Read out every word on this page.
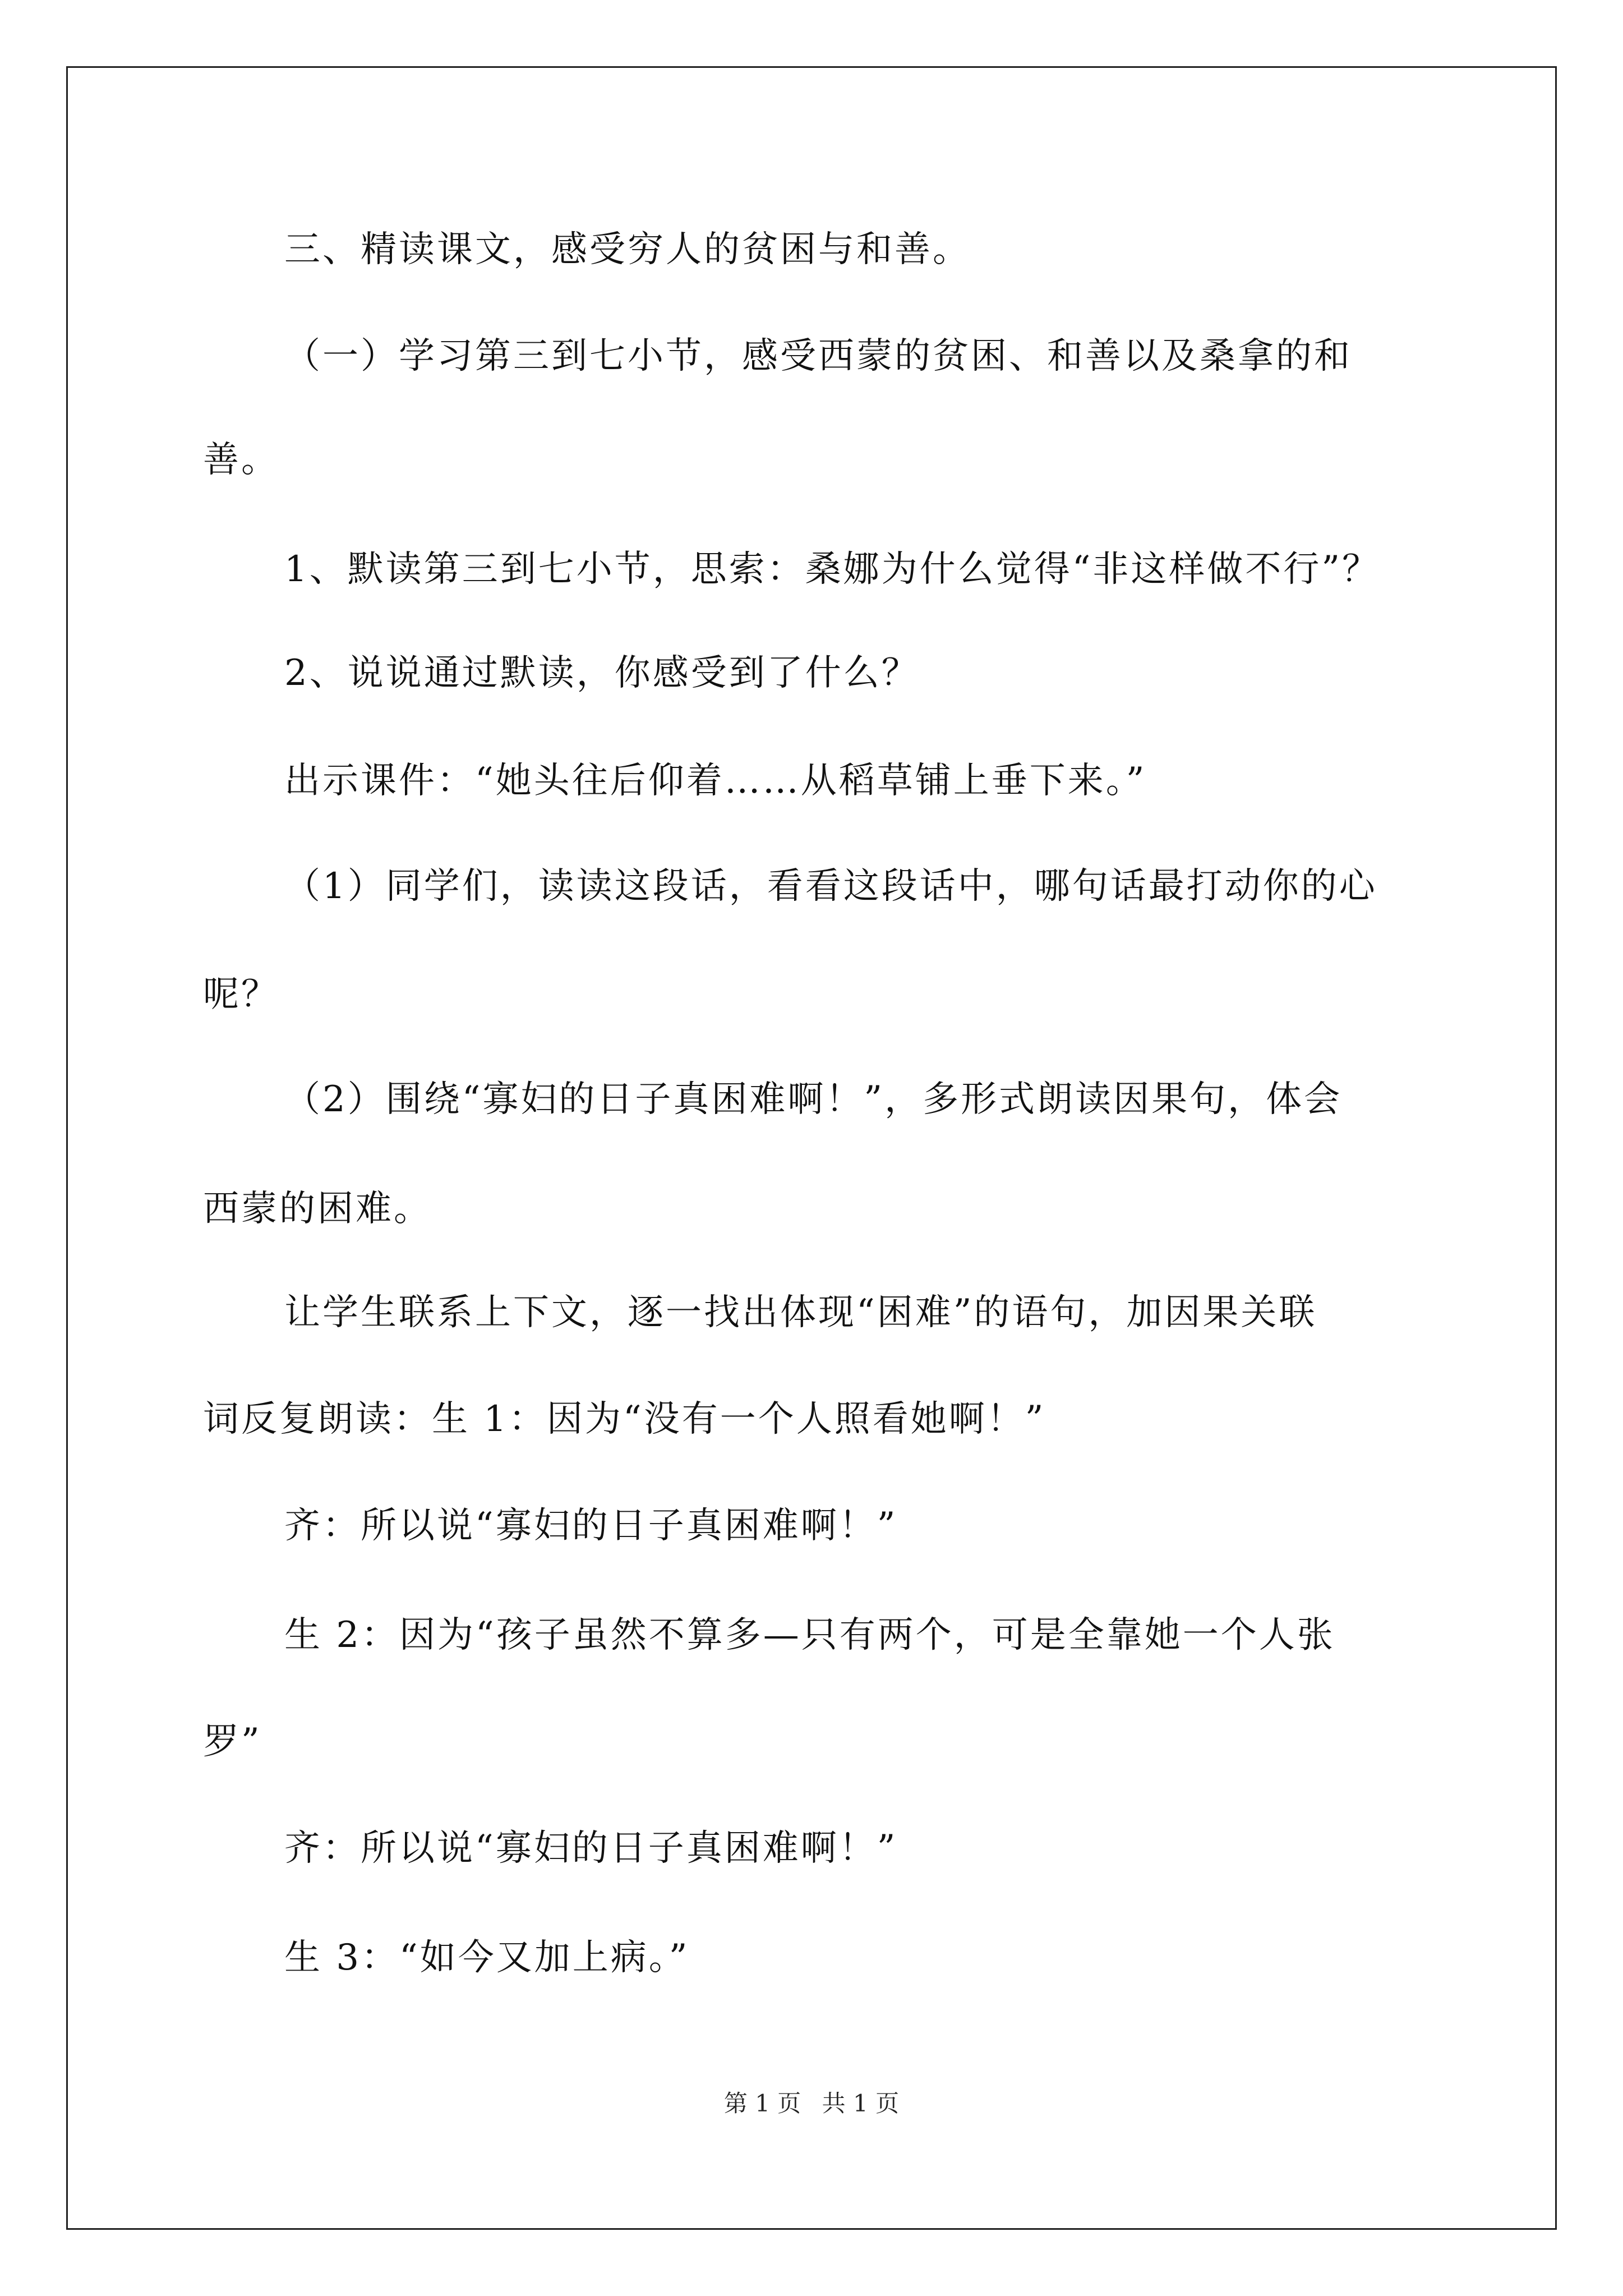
三、精读课文，感受穷人的贫困与和善。
（一）学习第三到七小节，感受西蒙的贫困、和善以及桑拿的和
善。
1、默读第三到七小节，思索：桑娜为什么觉得“非这样做不行”？
2、说说通过默读，你感受到了什么？
出示课件：“她头往后仰着……从稻草铺上垂下来。”
（1）同学们，读读这段话，看看这段话中，哪句话最打动你的心
呢？
（2）围绕“寡妇的日子真困难啊！”，多形式朗读因果句，体会
西蒙的困难。
让学生联系上下文，逐一找出体现“困难”的语句，加因果关联
词反复朗读：生 1：因为“没有一个人照看她啊！”
齐：所以说“寡妇的日子真困难啊！”
生 2：因为“孩子虽然不算多—只有两个，可是全靠她一个人张
罗”
齐：所以说“寡妇的日子真困难啊！”
生 3：“如今又加上病。”
第 1 页 共 1 页
